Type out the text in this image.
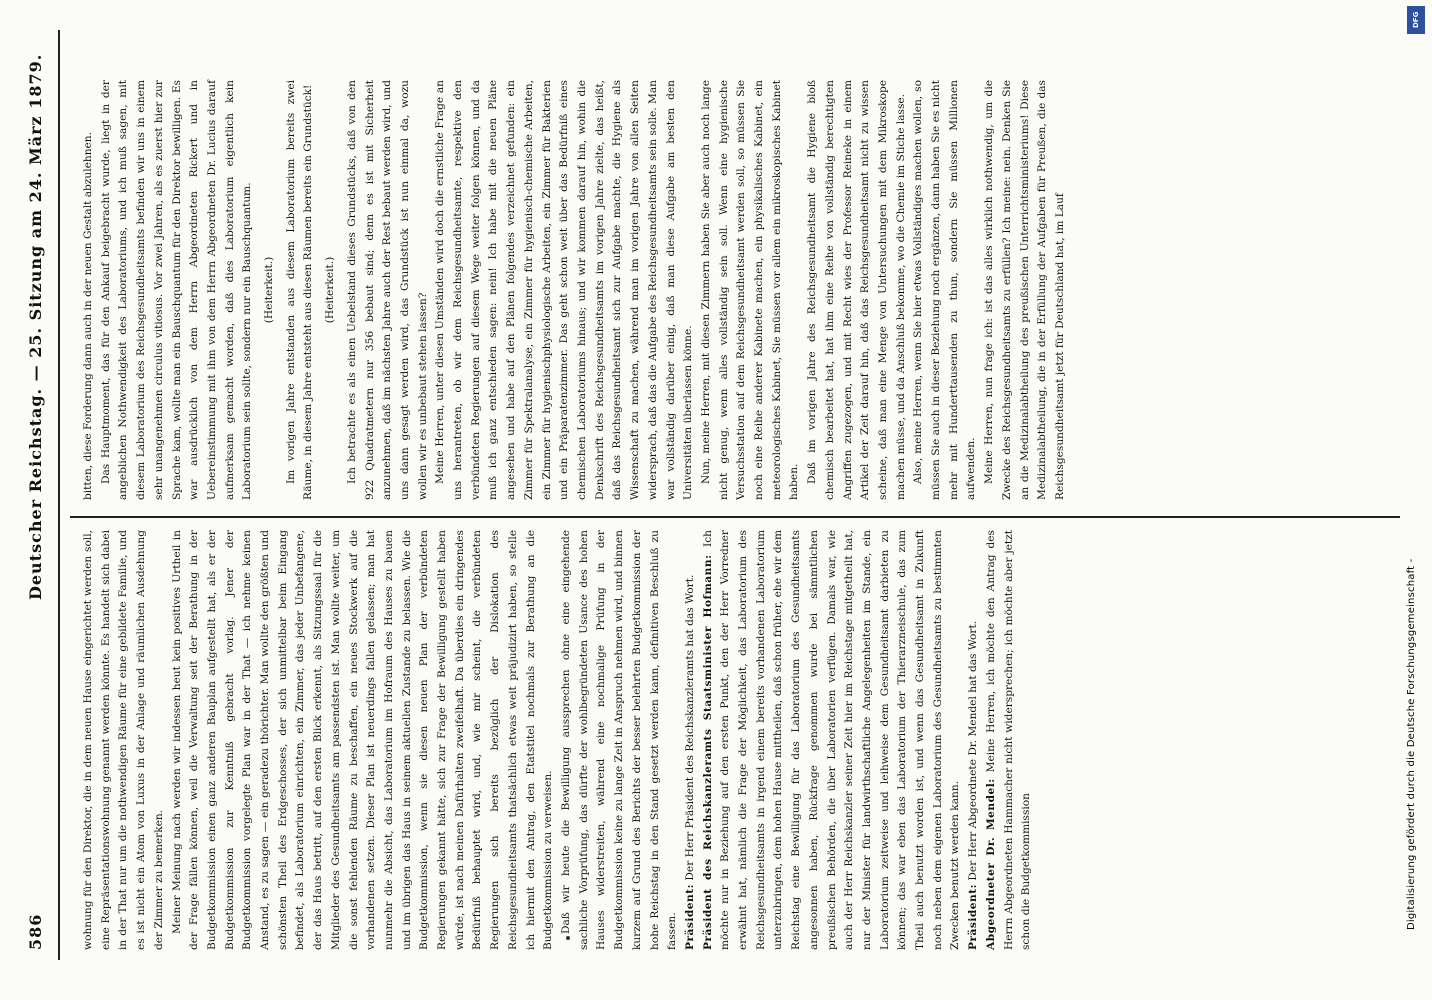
586
Deutscher Reichstag. — 25. Sitzung am 24. März 1879.

wohnung für den Direktor, die in dem neuen Hause eingerichtet werden soll, eine Repräsentationswohnung genannt werden könnte. Es handelt sich dabei in der That nur um die nothwendigen Räume für eine gebildete Familie, und es ist nicht ein Atom von Luxus in der Anlage und räumlichen Ausdehnung der Zimmer zu bemerken. Meiner Meinung nach werden wir indessen heut kein positives Urtheil in der Frage fällen können, weil die Verwaltung seit der Berathung in der Budgetkommission einen ganz anderen Bauplan aufgestellt hat, als er der Budgetkommission zur Kenntniß gebracht vorlag. Jener der Budgetkommission vorgelegte Plan war in der That — ich nehme keinen Anstand, es zu sagen — ein geradezu thörichter. Man wollte den größten und schönsten Theil des Erdgeschosses, der sich unmittelbar beim Eingang befindet, als Laboratorium einrichten, ein Zimmer, das jeder Unbefangene, der das Haus betritt, auf den ersten Blick erkennt, als Sitzungssaal für die Mitglieder des Gesundheitsamts am passendsten ist. Man wollte weiter, um die sonst fehlenden Räume zu beschaffen, ein neues Stockwerk auf die vorhandenen setzen. Dieser Plan ist neuerdings fallen gelassen; man hat nunmehr die Absicht, das Laboratorium im Hofraum des Hauses zu bauen und im übrigen das Haus in seinem aktuellen Zustande zu belassen. Wie die Budgetkommission, wenn sie diesen neuen Plan der verbündeten Regierungen gekannt hätte, sich zur Frage der Bewilligung gestellt haben würde, ist nach meinen Dafürhalten zweifelhaft. Da überdies ein dringendes Bedürfniß behauptet wird, und, wie mir scheint, die verbündeten Regierungen sich bereits bezüglich der Dislokation des Reichsgesundheitsamts thatsächlich etwas weit präjudizirt haben, so stelle ich hiermit den Antrag, den Etatstitel nochmals zur Berathung an die Budgetkommission zu verweisen. Daß wir heute die Bewilligung aussprechen ohne eine eingehende sachliche Vorprüfung, das dürfte der wohlbegründeten Usance des hohen Hauses widerstreiten, während eine nochmalige Prüfung in der Budgetkommission keine zu lange Zeit in Anspruch nehmen wird, und binnen kurzem auf Grund des Berichts der besser belehrten Budgetkommission der hohe Reichstag in den Stand gesetzt werden kann, definitiven Beschluß zu fassen. Präsident: Der Herr Präsident des Reichskanzleramts hat das Wort. Präsident des Reichskanzleramts Staatsminister Hofmann: Ich möchte nur in Beziehung auf den ersten Punkt, den der Herr Vorredner erwähnt hat, nämlich die Frage der Möglichkeit, das Laboratorium des Reichsgesundheitsamts in irgend einem bereits vorhandenen Laboratorium unterzubringen, dem hohen Hause mittheilen, daß schon früher, ehe wir dem Reichstag eine Bewilligung für das Laboratorium des Gesundheitsamts angesonnen haben, Rückfrage genommen wurde bei sämmtlichen preußischen Behörden, die über Laboratorien verfügen. Damals war, wie auch der Herr Reichskanzler seiner Zeit hier im Reichstage mitgetheilt hat, nur der Minister für landwirthschaftliche Angelegenheiten im Stande, ein Laboratorium zeitweise und leihweise dem Gesundheitsamt darbieten zu können; das war eben das Laboratorium der Thierarzneischule, das zum Theil auch benutzt worden ist, und wenn das Gesundheitsamt in Zukunft noch neben dem eigenen Laboratorium des Gesundheitsamts zu bestimmten Zwecken benutzt werden kann. Präsident: Der Herr Abgeordnete Dr. Mendel hat das Wort. Abgeordneter Dr. Mendel: Meine Herren, ich möchte den Antrag des Herrn Abgeordneten Hammacher nicht widersprechen; ich möchte aber jetzt schon die Budgetkommission

bitten, diese Forderung dann auch in der neuen Gestalt abzulehnen. Das Hauptmoment, das für den Ankauf beigebracht wurde, liegt in der angeblichen Nothwendigkeit des Laboratoriums, und ich muß sagen, mit diesem Laboratorium des Reichsgesundheitsamts befinden wir uns in einem sehr unangenehmen circulus vitiosus. Vor zwei Jahren, als es zuerst hier zur Sprache kam, wollte man ein Bauschquantum für den Direktor bewilligen. Es war ausdrücklich von dem Herrn Abgeordneten Rickert und in Uebereinstimmung mit ihm von dem Herrn Abgeordneten Dr. Lucius darauf aufmerksam gemacht worden, daß dies Laboratorium eigentlich kein Laboratorium sein sollte, sondern nur ein Bauschquantum. (Heiterkeit.) Im vorigen Jahre entstanden aus diesem Laboratorium bereits zwei Räume, in diesem Jahre entsteht aus diesen Räumen bereits ein Grundstück! (Heiterkeit.) Ich betrachte es als einen Uebelstand dieses Grundstücks, daß von den 922 Quadratmetern nur 356 bebaut sind; denn es ist mit Sicherheit anzunehmen, daß im nächsten Jahre auch der Rest bebaut werden wird, und uns dann gesagt werden wird, das Grundstück ist nun einmal da, wozu wollen wir es unbebaut stehen lassen? Meine Herren, unter diesen Umständen wird doch die ernstliche Frage an uns herantreten, ob wir dem Reichsgesundheitsamte, respektive den verbündeten Regierungen auf diesem Wege weiter folgen können, und da muß ich ganz entschieden sagen: nein! Ich habe mit die neuen Pläne angesehen und habe auf den Plänen folgendes verzeichnet gefunden: ein Zimmer für Spektralanalyse, ein Zimmer für hygienisch-chemische Arbeiten, ein Zimmer für hygienischphysiologische Arbeiten, ein Zimmer für Bakterien und ein Präparatenzimmer. Das geht schon weit über das Bedürfniß eines chemischen Laboratoriums hinaus; und wir kommen darauf hin, wohin die Denkschrift des Reichsgesundheitsamts im vorigen Jahre zielte, das heißt, daß das Reichsgesundheitsamt sich zur Aufgabe machte, die Hygiene als Wissenschaft zu machen, während man im vorigen Jahre von allen Seiten widersprach, daß das die Aufgabe des Reichsgesundheitsamts sein solle. Man war vollständig darüber einig, daß man diese Aufgabe am besten den Universitäten überlassen könne. Nun, meine Herren, mit diesen Zimmern haben Sie aber auch noch lange nicht genug, wenn alles vollständig sein soll. Wenn eine hygienische Versuchsstation auf dem Reichsgesundheitsamt werden soll, so müssen Sie noch eine Reihe anderer Kabinete machen, ein physikalisches Kabinet, ein meteorologisches Kabinet, Sie müssen vor allem ein mikroskopisches Kabinet haben. Daß im vorigen Jahre des Reichsgesundheitsamt die Hygiene bloß chemisch bearbeitet hat, hat ihm eine Reihe von vollständig berechtigten Angriffen zugezogen, und mit Recht wies der Professor Reineke in einem Artikel der Zeit darauf hin, daß das Reichsgesundheitsamt nicht zu wissen scheine, daß man eine Menge von Untersuchungen mit dem Mikroskope machen müsse, und da Anschluß bekomme, wo die Chemie im Stiche lasse. Also, meine Herren, wenn Sie hier etwas Vollständiges machen wollen, so müssen Sie auch in dieser Beziehung noch ergänzen, dann haben Sie es nicht mehr mit Hunderttausenden zu thun, sondern Sie müssen Millionen aufwenden. Meine Herren, nun frage ich: ist das alles wirklich nothwendig, um die Zwecke des Reichsgesundheitsamts zu erfüllen? Ich meine: nein. Denken Sie an die Medizinalabtheilung des preußischen Unterrichtsministeriums! Diese Medizinalabtheilung, die in der Erfüllung der Aufgaben für Preußen, die das Reichsgesundheitsamt jetzt für Deutschland hat, im Lauf

DFG
Digitalisierung gefördert durch die Deutsche Forschungsgemeinschaft -
